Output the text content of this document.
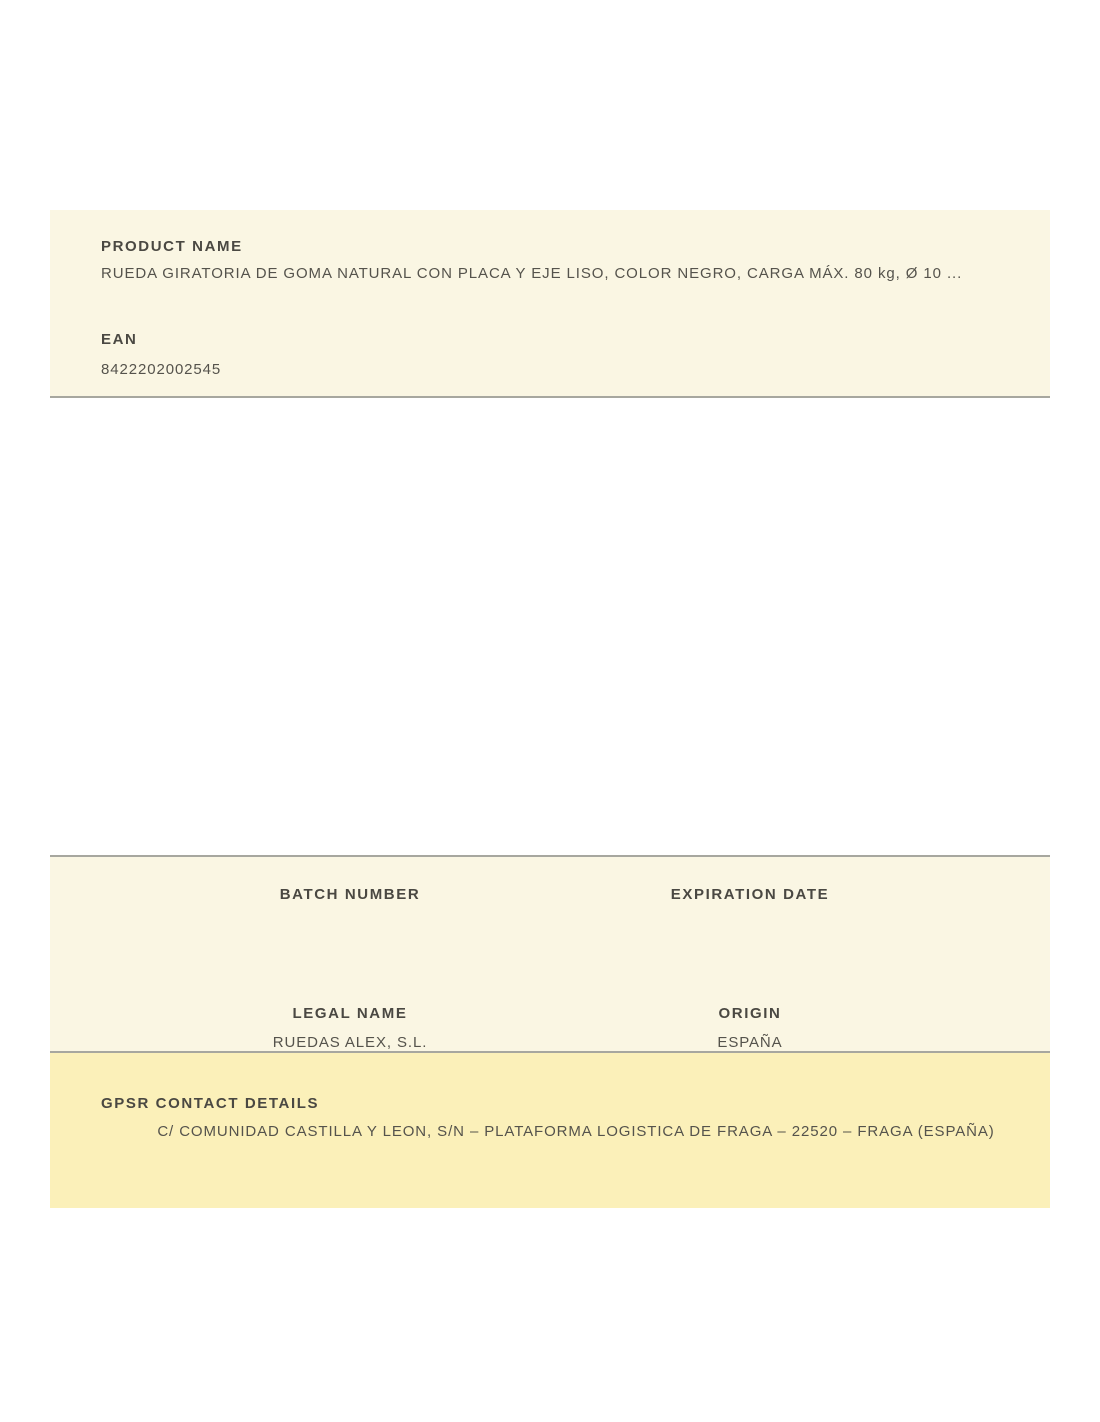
PRODUCT NAME
RUEDA GIRATORIA DE GOMA NATURAL CON PLACA Y EJE LISO, COLOR NEGRO, CARGA MÁX. 80 kg, Ø 10 ...
EAN
8422202002545
BATCH NUMBER	EXPIRATION DATE
LEGAL NAME
RUEDAS ALEX, S.L.
ORIGIN
ESPAÑA
GPSR CONTACT DETAILS
C/ COMUNIDAD CASTILLA Y LEON, S/N – PLATAFORMA LOGISTICA DE FRAGA – 22520 – FRAGA (ESPAÑA)
